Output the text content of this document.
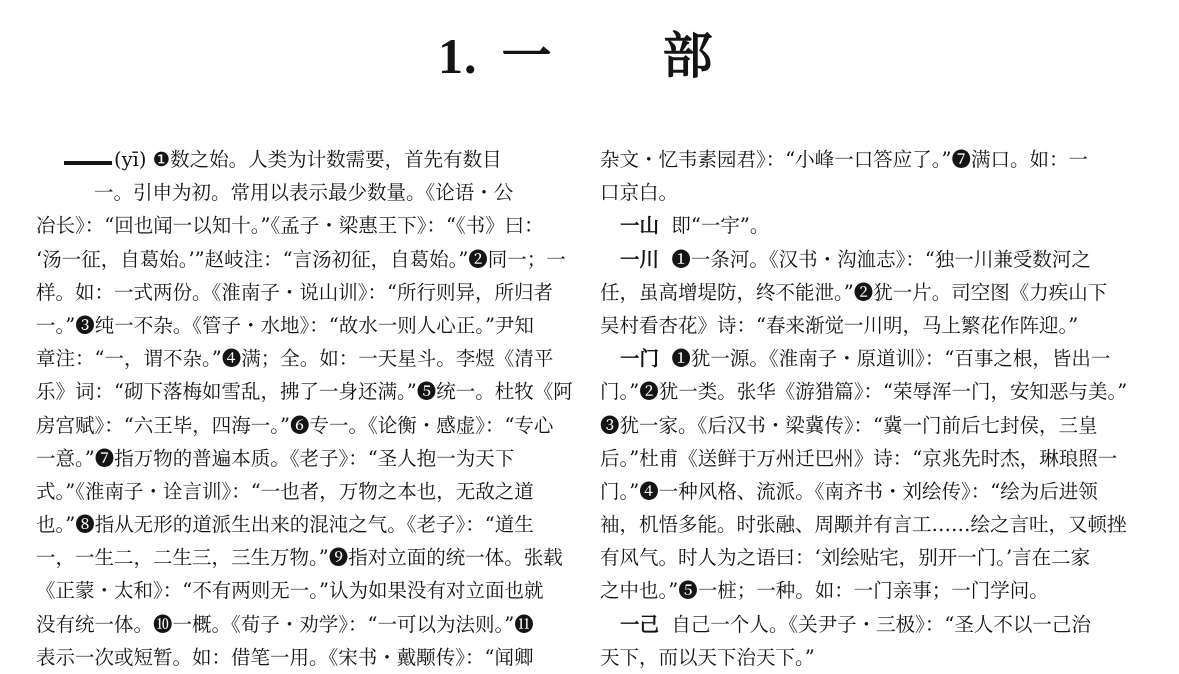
1. 一 部
(yī) ❶数之始。人类为计数需要，首先有数目
一。引申为初。常用以表示最少数量。《论语・公
冶长》：“回也闻一以知十。”《孟子・梁惠王下》：“《书》曰：
‘汤一征，自葛始。’”赵岐注：“言汤初征，自葛始。”❷同一；一
样。如：一式两份。《淮南子・说山训》：“所行则异，所归者
一。”❸纯一不杂。《管子・水地》：“故水一则人心正。”尹知
章注：“一，谓不杂。”❹满；全。如：一天星斗。李煜《清平
乐》词：“砌下落梅如雪乱，拂了一身还满。”❺统一。杜牧《阿
房宫赋》：“六王毕，四海一。”❻专一。《论衡・感虚》：“专心
一意。”❼指万物的普遍本质。《老子》：“圣人抱一为天下
式。”《淮南子・诠言训》：“一也者，万物之本也，无敌之道
也。”❽指从无形的道派生出来的混沌之气。《老子》：“道生
一，一生二，二生三，三生万物。”❾指对立面的统一体。张载
《正蒙・太和》：“不有两则无一。”认为如果没有对立面也就
没有统一体。❿一概。《荀子・劝学》：“一可以为法则。”⓫
表示一次或短暂。如：借笔一用。《宋书・戴颙传》：“闻卿
杂文・忆韦素园君》：“小峰一口答应了。”❼满口。如：一
口京白。
一山 即“一宇”。
一川 ❶一条河。《汉书・沟洫志》：“独一川兼受数河之
任，虽高增堤防，终不能泄。”❷犹一片。司空图《力疾山下
吴村看杏花》诗：“春来渐觉一川明，马上繁花作阵迎。”
一门 ❶犹一源。《淮南子・原道训》：“百事之根，皆出一
门。”❷犹一类。张华《游猎篇》：“荣辱浑一门，安知恶与美。”
❸犹一家。《后汉书・梁冀传》：“冀一门前后七封侯，三皇
后。”杜甫《送鲜于万州迁巴州》诗：“京兆先时杰，琳琅照一
门。”❹一种风格、流派。《南齐书・刘绘传》：“绘为后进领
袖，机悟多能。时张融、周颙并有言工……绘之言吐，又顿挫
有风气。时人为之语曰：‘刘绘贴宅，别开一门。’言在二家
之中也。”❺一桩；一种。如：一门亲事；一门学问。
一己 自己一个人。《关尹子・三极》：“圣人不以一己治
天下，而以天下治天下。”
